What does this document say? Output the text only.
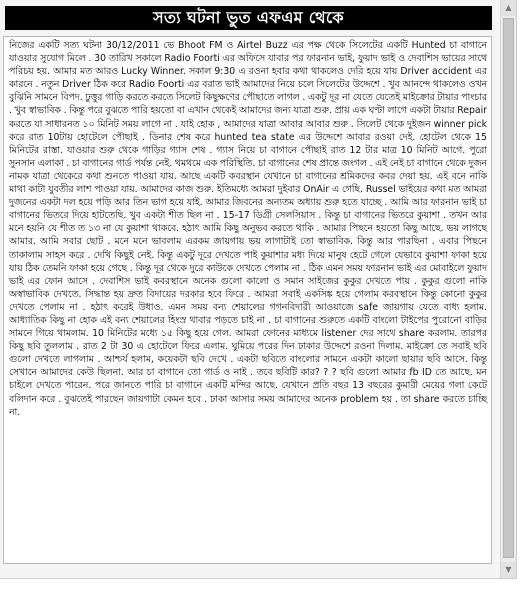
সত্য ঘটনা ভুত এফএম থেকে

নিজের একটি সত্য ঘটনা 30/12/2011 ভে Bhoot FM ও Airtel Buzz এর পক্ষ থেকে সিলেটের একটি Hunted চা বাগানে যাওয়ার সুযোগ মিলে . 30 তারিখ সকালে Radio Foorti এর অফিসে যাবার পর ফারনান ভাই, ফুয়াদ ভাই ও দেবাশিস ভায়ের সাথে পরিচয় হয়. আমার মত আরও Lucky Winner. সকাল 9:30 এ রওনা হবার কথা থাকলেও দেরি হয়ে যায় Driver accident এর কারনে . নতুন Driver ঠিক করে Radio Foorti এর বরাত ভাই আমাদের নিয়ে চলে সিলেটের উদ্দেশে . খুব আনন্দে থাকলেও ওখন বুঝিনি সামনে বিপদ. ঢুত্তুর গাড়ি করতে করতে সিলেট কিছুক্ষণের পৌছাতে লাগল . একটু দূর না যেতে যেতেই মাইক্রোর টায়ার পাংচার . খুব স্বাভাবিক . কিন্তু পরে বুঝতে পারি হয়তো বা এখান থেকেই আমাদের জন্য যাত্রা শুরু. প্রায় এক ঘণ্টা লাগে একটা টায়ার Repair করতে যা সাধারনত ১০ মিনিট সময় লাগে না . যাই হোক , আমাদের যাত্রা আবার আবার শুরু . সিলেট থেকে দুইজন winner pick করে রাত 10টায় হোটেলে পৌছাই . ডিনার শেষ করে hunted tea state এর উদ্দেশে আবার রওয়া দেই. হোটেল থেকে 15 মিনিটের রাস্তা. যাওয়ার শুরু থেকে গাড়ির গ্যাস শেষ . গ্যাস নিয়ে চা বাগানে পৌছাই রাত 12 টার মাত্র 10 মিনিট আগে. পুরো সুনসান এলাকা . চা বাগানের গার্ড পর্যন্ত নেই. থমথমে এক পরিস্থিতি. চা বাগানের শেষ প্রান্তে জংগল . এই নেই চা বাগানে থেকে দুজন নামক যাত্রা থেকেরে কথা শুনতে পাওয়া যায়. আছে একটি কবরস্থান যেখানে চা বাগানের শ্রমিকদের কবর দেয়া হয়. এই বনে নাকি মাথা কাটা যুবতীর লাশ পাওয়া যায়. আমাদের কাজ শুরু. ইতিমধ্যে আমরা দুইবার OnAir এ গেছি. Russel ভাইয়ের কথা মত আমরা দুজনের একটা দল হয়ে পড়ি আর তিন ভাগ হয়ে যাই. আমার জিবনের অন্যতম অধ্যায় শুরু হতে যাচ্ছে . আমি আর ফারনান ভাই চা বাগানের ভিতরে দিয়ে হাটতেছি. খুব একটা শীত ছিল না . 15-17 ডিগ্রী সেলসিয়াস . কিন্তু চা বাগানের ভিতরে কুয়াশা . তখন আর মনে হয়নি যে শীত ত ১৩ না যে কুয়াশা থাকবে. হঠাৎ আমি কিছু অনুভব করতে থাকি . আমার পিছনে হয়তো কিছু আছে. ভয় লাগছে আমার. আমি সবার ছোট . মনে মনে ভাবলাম এরকম জায়গায় ভয় লাগাটাই তো স্বাভাবিক. কিন্তু আর পারছিনা . এবার পিছনে তাকালাম সাহস করে . দেখি কিছুই নেই. কিন্তু একটু দূরে দেখতে পাই কুয়াশার মধ্য দিয়ে মানুষ হেটে গেলে যেভাবে কুয়াশা ফাকা হয়ে যায় ঠিক তেমনি ফাকা হয়ে গেছে . কিন্তু দূর থেকে দুরে কাউকে দেখতে পেলাম না . ঠিক এমন সময় ফারনান ভাই এর মোবাইলে ফুয়াদ ভাই এর ফোন আসে . দেবাশিস ভাই কবরস্থানে অনেক গুলো কালো ও সমান সাইজের কুকুর দেখতে পায় . কুকুর গুলো নাকি অস্বাভাবিক দেখতে. সিদ্ধান্ত হয় দ্রুত বিদায়ের দরকার হবে ফিরে . আমরা সবাই একসিঙ্ক হয়ে গেলাম করবস্থানে কিন্তু কোনো কুকুর দেখতে পেলাম না . হঠাৎ করেই উধাও. এমন সময় বন্য শেয়ালের গগনবিদারী আওয়াজে safe জায়গায় যেতে বাধ্য হলাম. আধ্যাতিক কিছু না হোক এই বন্য শেয়ালের হিংস্র থাবার পড়তে চাই না . চা বাগানের শুরুতে একটি বাংলো টাইপের পুরোনো বাড়ির সামনে গিয়ে থামলাম. 10 মিনিটের মধ্যে ১৫ কিছু হয়ে গেল. আমরা ফোনের মাধ্যমে listener দের সাথে share করলাম. তারপর কিছু ছবি তুললাম . রাত 2 টা 30 এ হোটেলে ফিরে এলাম. ঘুমিয়ে পরের দিন ঢাকার উদ্দেশে রওনা দিলাম. মাইক্রো তে সবাই ছবি গুলো দেখতে লাগলাম . আশ্চর্য হলাম, কয়েকটা ছবি দেখে . একটা ছবিতে বাংলোর সামনে একটা কালো ছায়ার ছবি আসে. কিন্তু সেখানে আমাদের কেউ ছিলনা. আর চা বাগানে তো গার্ড ও নাই . তবে ছবিটি কার? ? ? ছবি গুলো আমার fb ID তে আছে. মন চাইলে দেখতে পারেন. পরে জানতে পারি চা বাগানে একটি মন্দির আছে. যেখানে প্রতি বছর 13 বছরের কুমারী মেয়ের গলা কেটে বলিদান করে . বুঝতেই পারছেন জায়গাটা কেমন হবে . ঢাকা আসার সময় আমাদের অনেক problem হয় . তা share করতে চাচ্ছি না.

▲
▼
